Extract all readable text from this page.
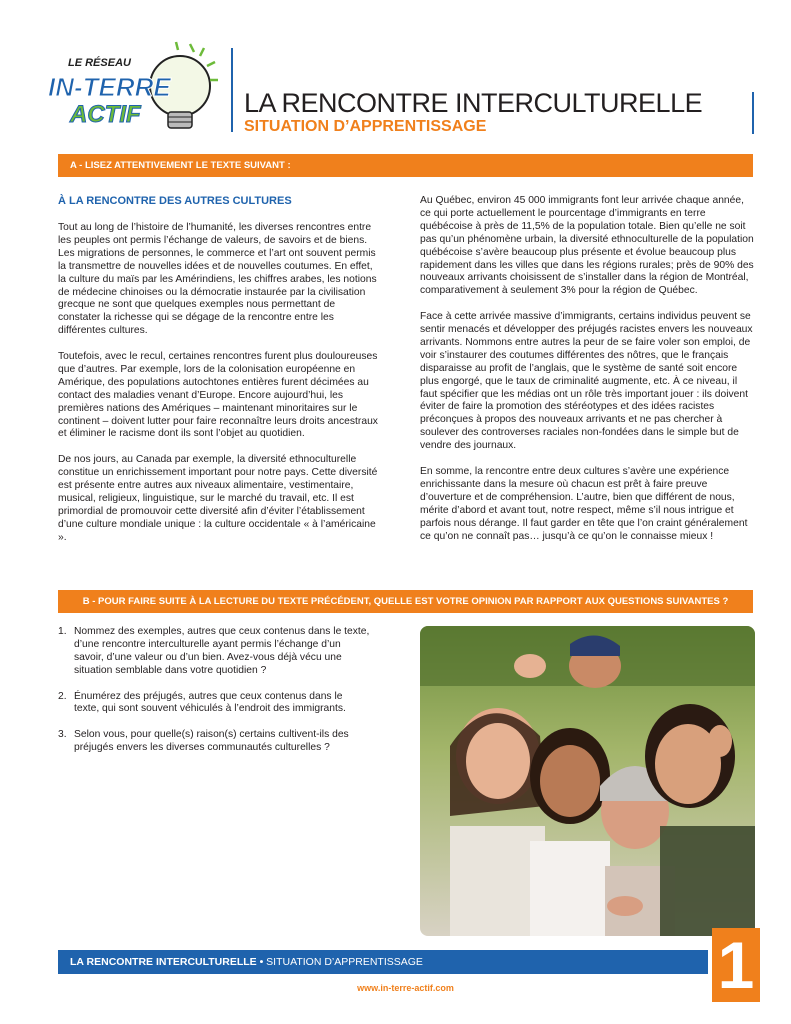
LE RÉSEAU
IN-TERRE
ACTIF	LA RENCONTRE INTERCULTURELLE
SITUATION D’APPRENTISSAGE
A - LISEZ ATTENTIVEMENT LE TEXTE SUIVANT :
À LA RENCONTRE DES AUTRES CULTURES

Tout au long de l’histoire de l’humanité, les diverses rencontres entre les peuples ont permis l’échange de valeurs, de savoirs et de biens. Les migrations de personnes, le commerce et l’art ont souvent permis la transmettre de nouvelles idées et de nouvelles coutumes. En effet, la culture du maïs par les Amérindiens, les chiffres arabes, les notions de médecine chinoises ou la démocratie instaurée par la civilisation grecque ne sont que quelques exemples nous permettant de constater la richesse qui se dégage de la rencontre entre les différentes cultures.

Toutefois, avec le recul, certaines rencontres furent plus douloureuses que d’autres. Par exemple, lors de la colonisation européenne en Amérique, des populations autochtones entières furent décimées au contact des maladies venant d’Europe. Encore aujourd’hui, les premières nations des Amériques – maintenant minoritaires sur le continent – doivent lutter pour faire reconnaître leurs droits ancestraux et éliminer le racisme dont ils sont l’objet au quotidien.

De nos jours, au Canada par exemple, la diversité ethnoculturelle constitue un enrichissement important pour notre pays. Cette diversité est présente entre autres aux niveaux alimentaire, vestimentaire, musical, religieux, linguistique, sur le marché du travail, etc. Il est primordial de promouvoir cette diversité afin d’éviter l’établissement d’une culture mondiale unique : la culture occidentale « à l’américaine ».

Au Québec, environ 45 000 immigrants font leur arrivée chaque année, ce qui porte actuellement le pourcentage d’immigrants en terre québécoise à près de 11,5% de la population totale. Bien qu’elle ne soit pas qu’un phénomène urbain, la diversité ethnoculturelle de la population québécoise s’avère beaucoup plus présente et évolue beaucoup plus rapidement dans les villes que dans les régions rurales; près de 90% des nouveaux arrivants choisissent de s’installer dans la région de Montréal, comparativement à seulement 3% pour la région de Québec.

Face à cette arrivée massive d’immigrants, certains individus peuvent se sentir menacés et développer des préjugés racistes envers les nouveaux arrivants. Nommons entre autres la peur de se faire voler son emploi, de voir s’instaurer des coutumes différentes des nôtres, que le français disparaisse au profit de l’anglais, que le système de santé soit encore plus engorgé, que le taux de criminalité augmente, etc. À ce niveau, il faut spécifier que les médias ont un rôle très important jouer : ils doivent éviter de faire la promotion des stéréotypes et des idées racistes préconçues à propos des nouveaux arrivants et ne pas chercher à soulever des controverses raciales non-fondées dans le simple but de vendre des journaux.

En somme, la rencontre entre deux cultures s’avère une expérience enrichissante dans la mesure où chacun est prêt à faire preuve d’ouverture et de compréhension. L’autre, bien que différent de nous, mérite d’abord et avant tout, notre respect, même s’il nous intrigue et parfois nous dérange. Il faut garder en tête que l’on craint généralement ce qu’on ne connaît pas… jusqu’à ce qu’on le connaisse mieux !

B - POUR FAIRE SUITE À LA LECTURE DU TEXTE PRÉCÉDENT, QUELLE EST VOTRE OPINION PAR RAPPORT AUX QUESTIONS SUIVANTES ?
1. Nommez des exemples, autres que ceux contenus dans le texte, d’une rencontre interculturelle ayant permis l’échange d’un savoir, d’une valeur ou d’un bien. Avez-vous déjà vécu une situation semblable dans votre quotidien ?
2. Énumérez des préjugés, autres que ceux contenus dans le texte, qui sont souvent véhiculés à l’endroit des immigrants.
3. Selon vous, pour quelle(s) raison(s) certains cultivent-ils des préjugés envers les diverses communautés culturelles ?
LA RENCONTRE INTERCULTURELLE • SITUATION D’APPRENTISSAGE	1
www.in-terre-actif.com
